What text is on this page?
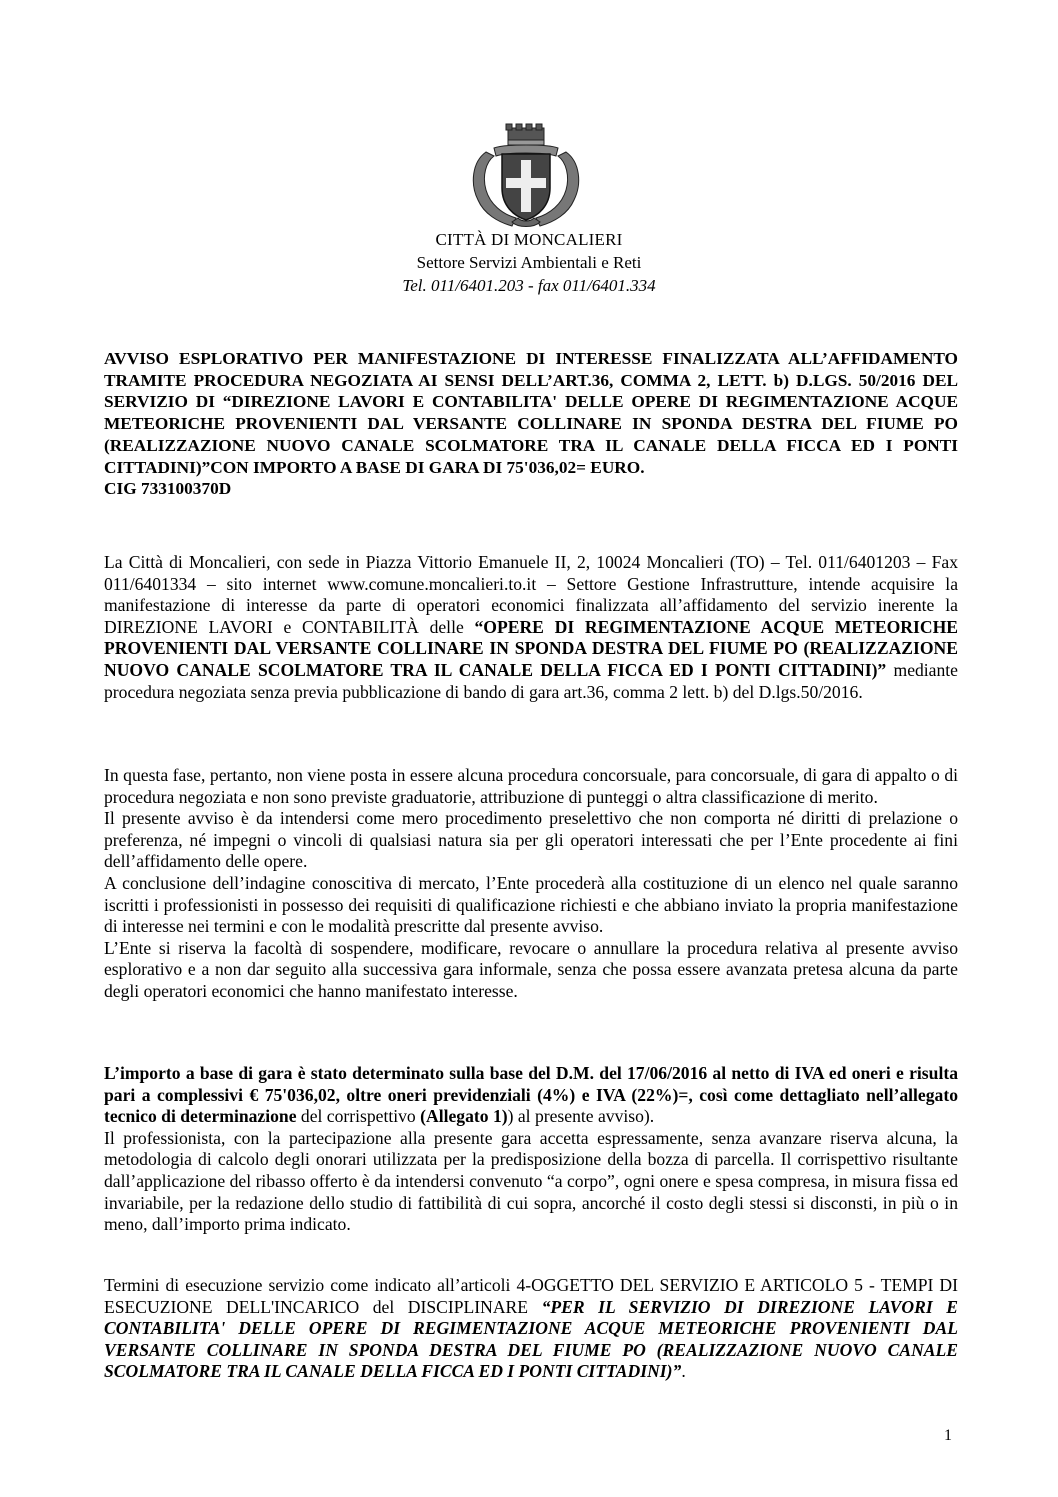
CITTÀ DI MONCALIERI
Settore Servizi Ambientali e Reti
Tel. 011/6401.203 - fax 011/6401.334
AVVISO ESPLORATIVO PER MANIFESTAZIONE DI INTERESSE FINALIZZATA ALL’AFFIDAMENTO TRAMITE PROCEDURA NEGOZIATA AI SENSI DELL’ART.36, COMMA 2, LETT. b) D.LGS. 50/2016 DEL SERVIZIO DI “DIREZIONE LAVORI E CONTABILITA' DELLE OPERE DI REGIMENTAZIONE ACQUE METEORICHE PROVENIENTI DAL VERSANTE COLLINARE IN SPONDA DESTRA DEL FIUME PO (REALIZZAZIONE NUOVO CANALE SCOLMATORE TRA IL CANALE DELLA FICCA ED I PONTI CITTADINI)”CON IMPORTO A BASE DI GARA DI 75'036,02= EURO.
CIG 733100370D
La Città di Moncalieri, con sede in Piazza Vittorio Emanuele II, 2, 10024 Moncalieri (TO) – Tel. 011/6401203 – Fax 011/6401334 – sito internet www.comune.moncalieri.to.it – Settore Gestione Infrastrutture, intende acquisire la manifestazione di interesse da parte di operatori economici finalizzata all’affidamento del servizio inerente la DIREZIONE LAVORI e CONTABILITÀ delle “OPERE DI REGIMENTAZIONE ACQUE METEORICHE PROVENIENTI DAL VERSANTE COLLINARE IN SPONDA DESTRA DEL FIUME PO (REALIZZAZIONE NUOVO CANALE SCOLMATORE TRA IL CANALE DELLA FICCA ED I PONTI CITTADINI)” mediante procedura negoziata senza previa pubblicazione di bando di gara art.36, comma 2 lett. b) del D.lgs.50/2016.

In questa fase, pertanto, non viene posta in essere alcuna procedura concorsuale, para concorsuale, di gara di appalto o di procedura negoziata e non sono previste graduatorie, attribuzione di punteggi o altra classificazione di merito.

Il presente avviso è da intendersi come mero procedimento preselettivo che non comporta né diritti di prelazione o preferenza, né impegni o vincoli di qualsiasi natura sia per gli operatori interessati che per l’Ente procedente ai fini dell’affidamento delle opere.

A conclusione dell’indagine conoscitiva di mercato, l’Ente procederà alla costituzione di un elenco nel quale saranno iscritti i professionisti in possesso dei requisiti di qualificazione richiesti e che abbiano inviato la propria manifestazione di interesse nei termini e con le modalità prescritte dal presente avviso.

L’Ente si riserva la facoltà di sospendere, modificare, revocare o annullare la procedura relativa al presente avviso esplorativo e a non dar seguito alla successiva gara informale, senza che possa essere avanzata pretesa alcuna da parte degli operatori economici che hanno manifestato interesse.

L’importo a base di gara è stato determinato sulla base del D.M. del 17/06/2016 al netto di IVA ed oneri e risulta pari a complessivi € 75'036,02, oltre oneri previdenziali (4%) e IVA (22%)=, così come dettagliato nell’allegato tecnico di determinazione del corrispettivo (Allegato 1)) al presente avviso).

Il professionista, con la partecipazione alla presente gara accetta espressamente, senza avanzare riserva alcuna, la metodologia di calcolo degli onorari utilizzata per la predisposizione della bozza di parcella. Il corrispettivo risultante dall’applicazione del ribasso offerto è da intendersi convenuto “a corpo”, ogni onere e spesa compresa, in misura fissa ed invariabile, per la redazione dello studio di fattibilità di cui sopra, ancorché il costo degli stessi si disconsti, in più o in meno, dall’importo prima indicato.

Termini di esecuzione servizio come indicato all’articoli 4-OGGETTO DEL SERVIZIO E ARTICOLO 5 - TEMPI DI ESECUZIONE DELL'INCARICO del DISCIPLINARE “PER IL SERVIZIO DI DIREZIONE LAVORI E CONTABILITA' DELLE OPERE DI REGIMENTAZIONE ACQUE METEORICHE PROVENIENTI DAL VERSANTE COLLINARE IN SPONDA DESTRA DEL FIUME PO (REALIZZAZIONE NUOVO CANALE SCOLMATORE TRA IL CANALE DELLA FICCA ED I PONTI CITTADINI)”.
1
